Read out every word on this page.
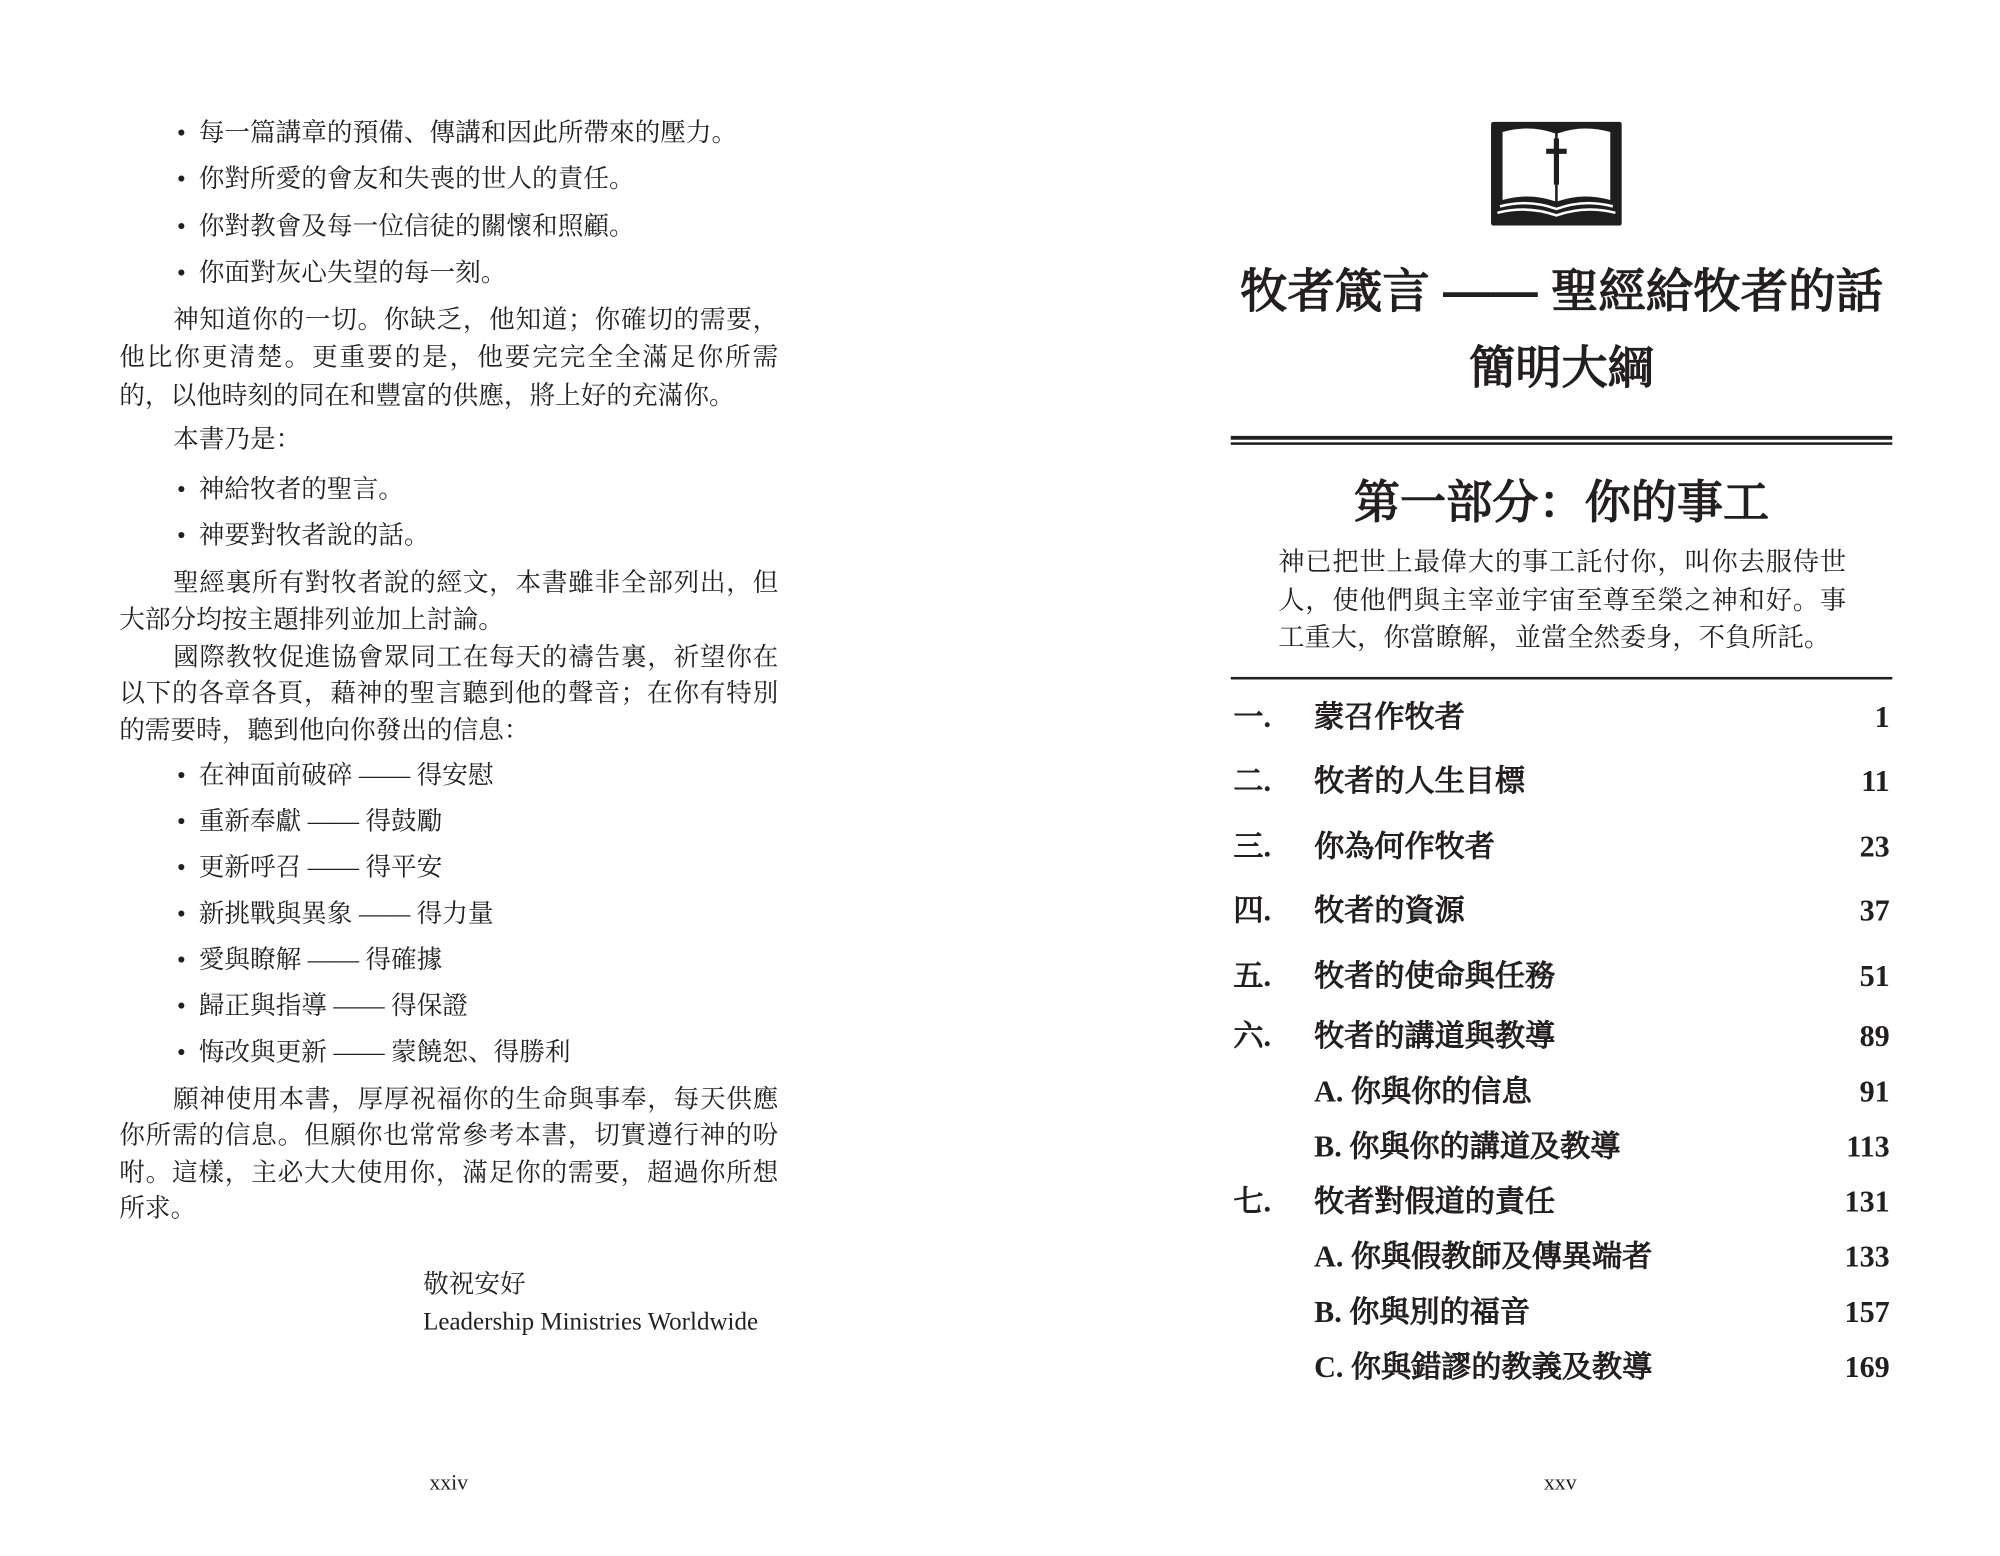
• 每一篇講章的預備、傳講和因此所帶來的壓力。
• 你對所愛的會友和失喪的世人的責任。
• 你對教會及每一位信徒的關懷和照顧。
• 你面對灰心失望的每一刻。
神知道你的一切。你缺乏，他知道；你確切的需要，
他比你更清楚。更重要的是，他要完完全全滿足你所需
的，以他時刻的同在和豐富的供應，將上好的充滿你。
本書乃是：
• 神給牧者的聖言。
• 神要對牧者說的話。
聖經裏所有對牧者說的經文，本書雖非全部列出，但
大部分均按主題排列並加上討論。
國際教牧促進協會眾同工在每天的禱告裏，祈望你在
以下的各章各頁，藉神的聖言聽到他的聲音；在你有特別
的需要時，聽到他向你發出的信息：
• 在神面前破碎 —— 得安慰
• 重新奉獻 —— 得鼓勵
• 更新呼召 —— 得平安
• 新挑戰與異象 —— 得力量
• 愛與瞭解 —— 得確據
• 歸正與指導 —— 得保證
• 悔改與更新 —— 蒙饒恕、得勝利
願神使用本書，厚厚祝福你的生命與事奉，每天供應
你所需的信息。但願你也常常參考本書，切實遵行神的吩
咐。這樣，主必大大使用你，滿足你的需要，超過你所想
所求。
敬祝安好
Leadership Ministries Worldwide
xxiv
牧者箴言 —— 聖經給牧者的話
簡明大綱
第一部分：你的事工
神已把世上最偉大的事工託付你，叫你去服侍世
人，使他們與主宰並宇宙至尊至榮之神和好。事
工重大，你當瞭解，並當全然委身，不負所託。
一. 蒙召作牧者	1
二. 牧者的人生目標	11
三. 你為何作牧者	23
四. 牧者的資源	37
五. 牧者的使命與任務	51
六. 牧者的講道與教導	89
A. 你與你的信息	91
B. 你與你的講道及教導	113
七. 牧者對假道的責任	131
A. 你與假教師及傳異端者	133
B. 你與別的福音	157
C. 你與錯謬的教義及教導	169
xxv
